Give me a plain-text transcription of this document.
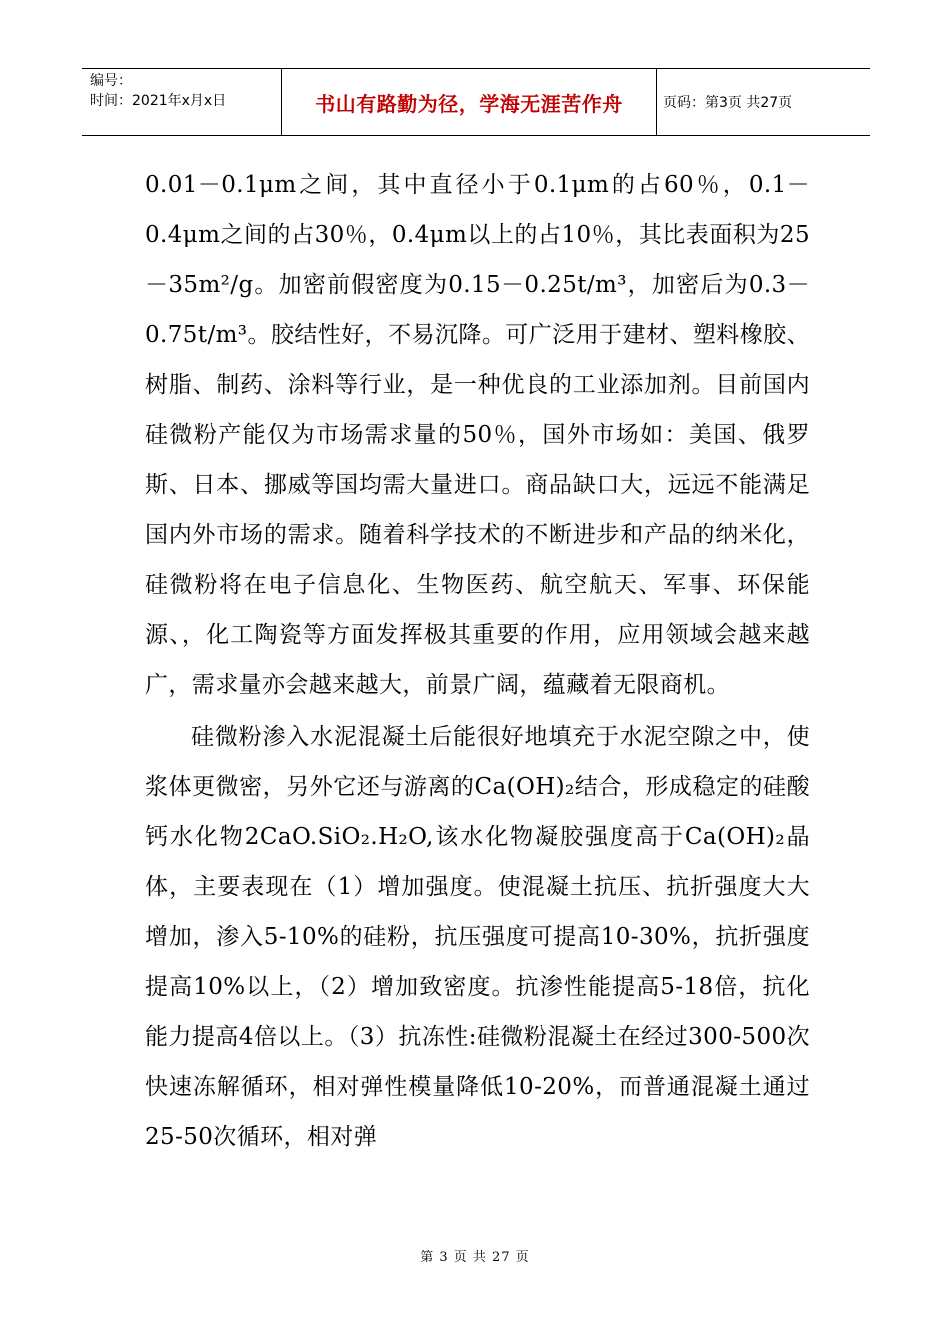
编号：
时间：2021年x月x日	书山有路勤为径，学海无涯苦作舟	页码：第3页 共27页

0.01－0.1μm之间，其中直径小于0.1μm的占60％，0.1－0.4μm之间的占30％，0.4μm以上的占10％，其比表面积为25－35m²/g。加密前假密度为0.15－0.25t/m³，加密后为0.3－0.75t/m³。胶结性好，不易沉降。可广泛用于建材、塑料橡胶、树脂、制药、涂料等行业，是一种优良的工业添加剂。目前国内硅微粉产能仅为市场需求量的50％，国外市场如：美国、俄罗斯、日本、挪威等国均需大量进口。商品缺口大，远远不能满足国内外市场的需求。随着科学技术的不断进步和产品的纳米化，硅微粉将在电子信息化、生物医药、航空航天、军事、环保能源、，化工陶瓷等方面发挥极其重要的作用，应用领域会越来越广，需求量亦会越来越大，前景广阔，蕴藏着无限商机。

硅微粉渗入水泥混凝土后能很好地填充于水泥空隙之中，使浆体更微密，另外它还与游离的Ca(OH)₂结合，形成稳定的硅酸钙水化物2CaO.SiO₂.H₂O,该水化物凝胶强度高于Ca(OH)₂晶体，主要表现在（1）增加强度。使混凝土抗压、抗折强度大大增加，渗入5-10%的硅粉，抗压强度可提高10-30%，抗折强度提高10%以上，（2）增加致密度。抗渗性能提高5-18倍，抗化能力提高4倍以上。（3）抗冻性:硅微粉混凝土在经过300-500次快速冻解循环，相对弹性模量降低10-20%，而普通混凝土通过25-50次循环，相对弹

第 3 页 共 27 页
